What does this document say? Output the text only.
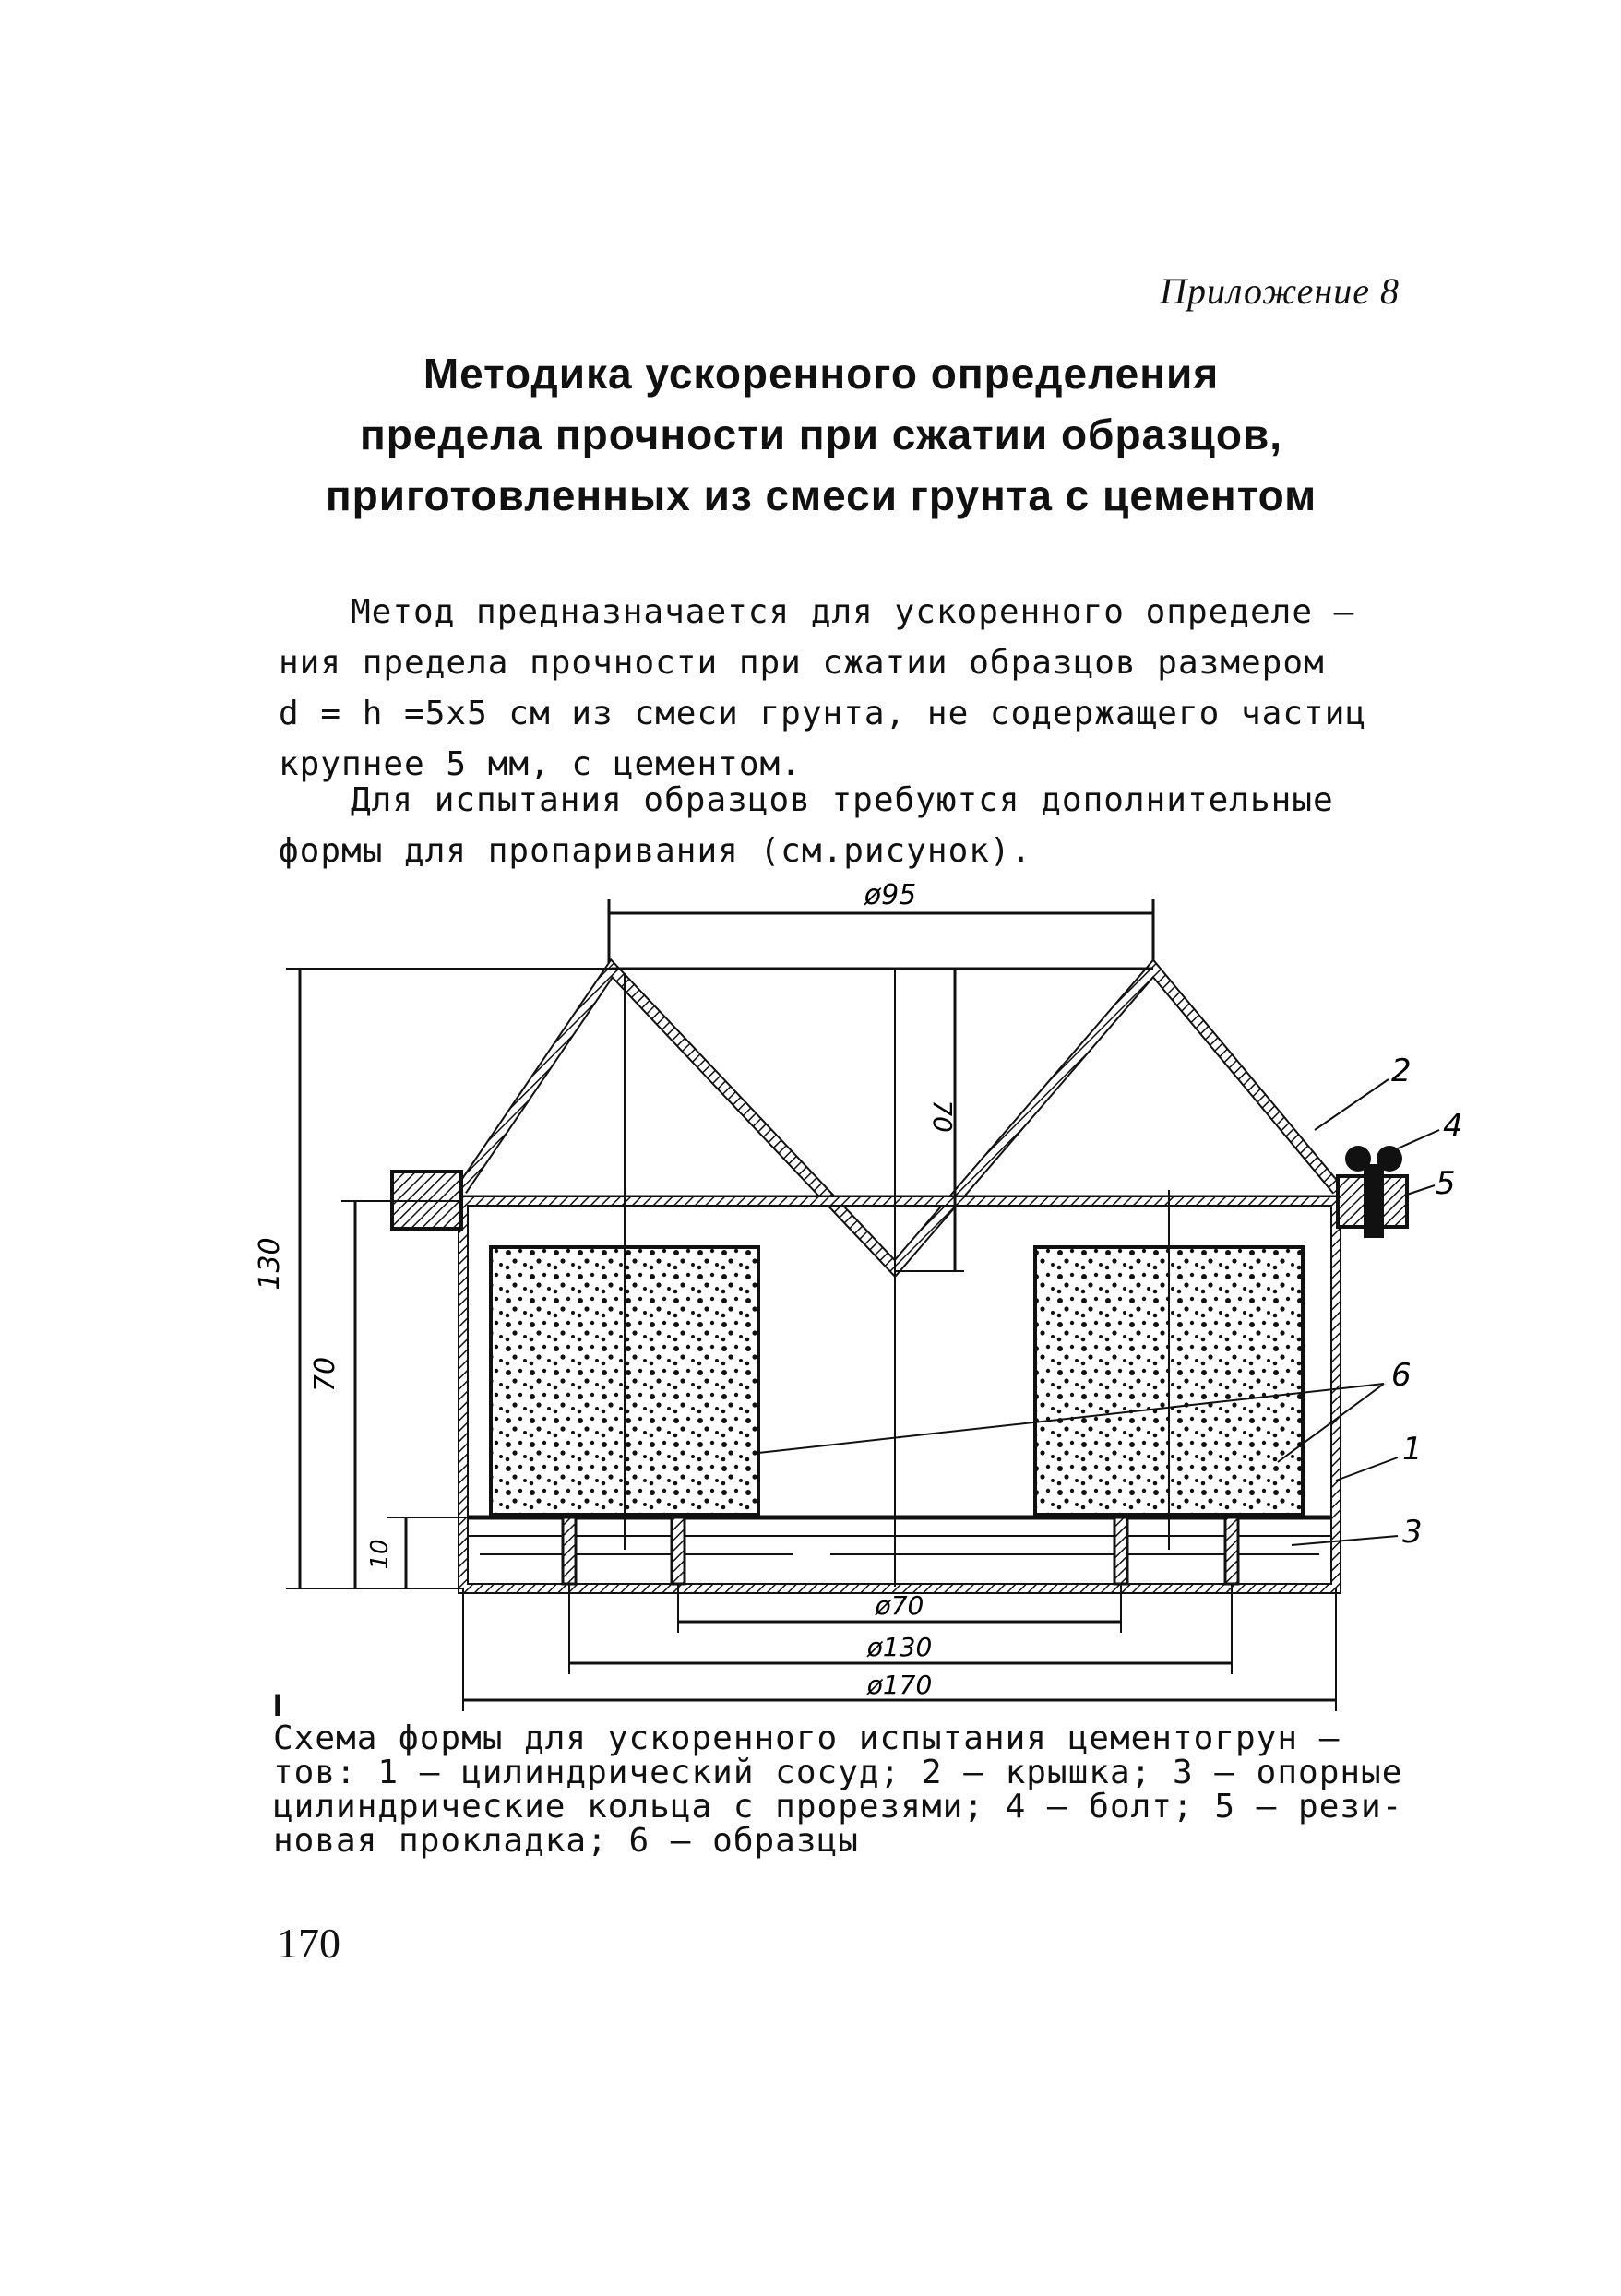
Приложение 8
Методика ускоренного определения
предела прочности при сжатии образцов,
приготовленных из смеси грунта с цементом
Метод предназначается для ускоренного определе –
ния предела прочности при сжатии образцов размером
d = h =5х5 см из смеси грунта, не содержащего частиц
крупнее 5 мм, с цементом.
Для испытания образцов требуются дополнительные
формы для пропаривания (см.рисунок).
ø95
70
130
70
10
ø70
ø130
ø170
2
4
5
6
1
3
I
Схема формы для ускоренного испытания цементогрун –
тов: 1 – цилиндрический сосуд; 2 – крышка; 3 – опорные
цилиндрические кольца с прорезями; 4 – болт; 5 – рези-
новая прокладка; 6 – образцы
170
